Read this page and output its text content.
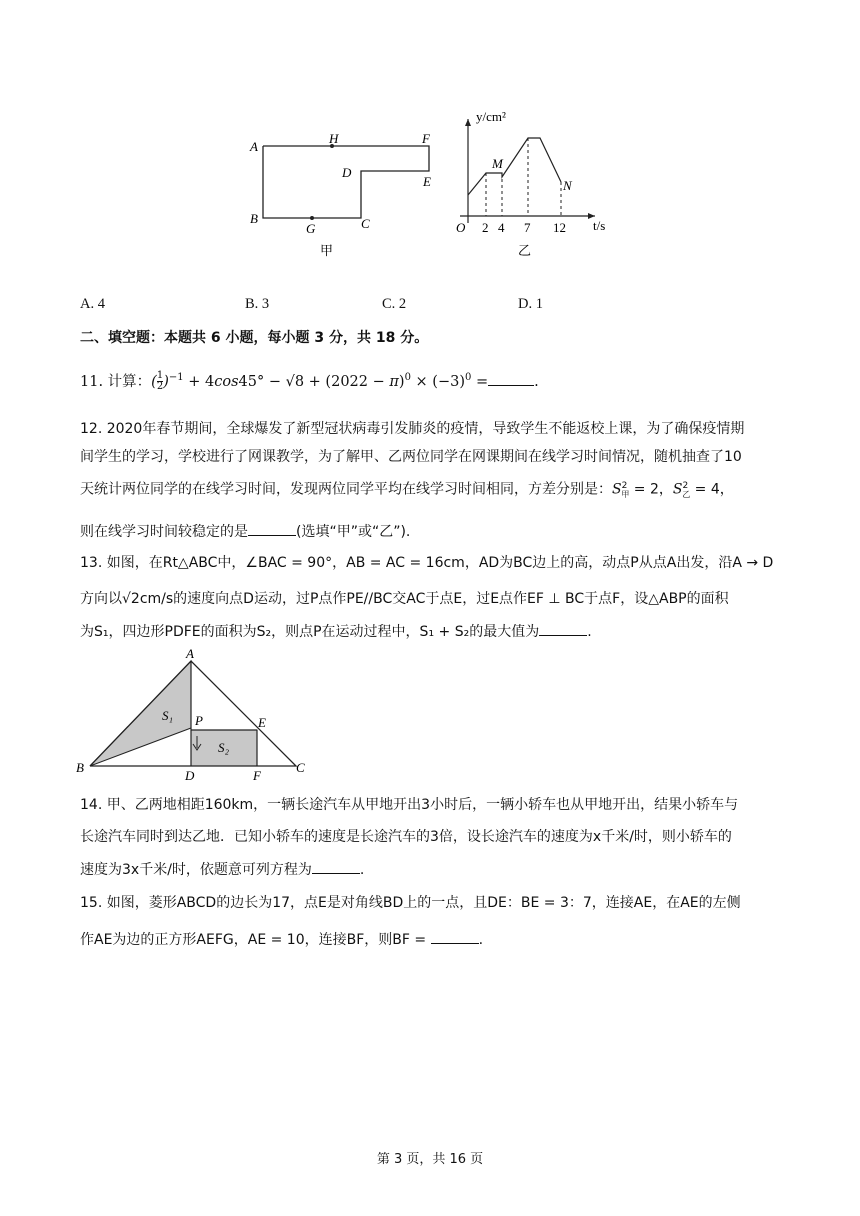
A
H	F
D
E
B
G	C
甲
y/cm²
t/s
O 2 4 7 12
M
N
乙
A. 4	B. 3	C. 2	D. 1
二、填空题：本题共 6 小题，每小题 3 分，共 18 分。
11. 计算：( $\frac{1}{2} )^{-1} + 4\cos 45^\circ - √8 + (2022 - \pi)^0 \times (-3)^0$ =	.
12. 2020年春节期间，全球爆发了新型冠状病毒引发肺炎的疫情，导致学生不能返校上课，为了确保疫情期
间学生的学习，学校进行了网课教学，为了解甲、乙两位同学在网课期间在线学习时间情况，随机抽查了10
天统计两位同学的在线学习时间，发现两位同学平均在线学习时间相同，方差分别是：$S^2_甲 = 2$，$S^2_乙 = 4$，
则在线学习时间较稳定的是	(选填“甲”或“乙”).
13. 如图，在Rt△ABC中，∠BAC = 90°，AB = AC = 16cm，AD为BC边上的高，动点P从点A出发，沿A → D
方向以√2cm/s的速度向点D运动，过P点作PE//BC交AC于点E，过E点作EF ⊥ BC于点F，设△ABP的面积
为S₁，四边形PDFE的面积为S₂，则点P在运动过程中，S₁ + S₂的最大值为	.
A
B	C
D	F
E
P
S₁
S₂
14. 甲、乙两地相距160km，一辆长途汽车从甲地开出3小时后，一辆小轿车也从甲地开出，结果小轿车与
长途汽车同时到达乙地．已知小轿车的速度是长途汽车的3倍，设长途汽车的速度为x千米/时，则小轿车的
速度为3x千米/时，依题意可列方程为	.
15. 如图，菱形ABCD的边长为17，点E是对角线BD上的一点，且DE：BE = 3：7，连接AE，在AE的左侧
作AE为边的正方形AEFG，AE = 10，连接BF，则BF =	.
第 3 页，共 16 页
